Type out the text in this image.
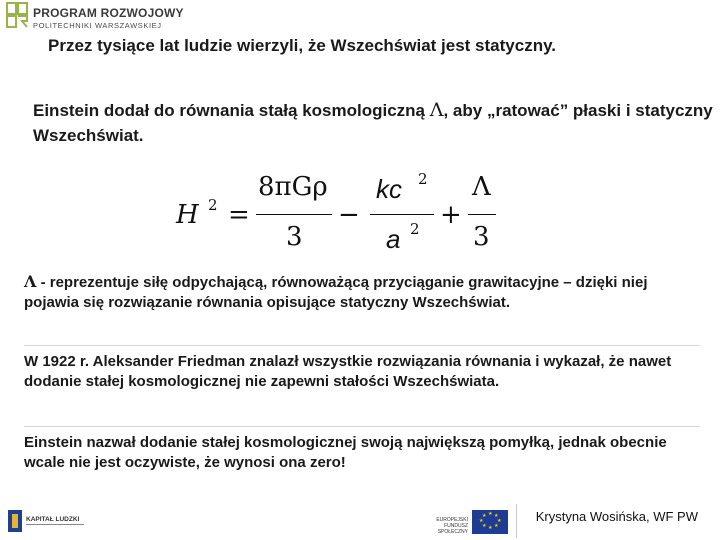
PROGRAM ROZWOJOWY
POLITECHNIKI WARSZAWSKIEJ
Przez tysiące lat ludzie wierzyli, że Wszechświat jest statyczny.
Einstein dodał do równania stałą kosmologiczną Λ, aby „ratować” płaski i statyczny Wszechświat.
H 2 =
8πGρ
3
−
kc 2
a 2 +
Λ
3
Λ - reprezentuje siłę odpychającą, równoważącą przyciąganie grawitacyjne – dzięki niej pojawia się rozwiązanie równania opisujące statyczny Wszechświat.
W 1922 r. Aleksander Friedman znalazł wszystkie rozwiązania równania i wykazał, że nawet dodanie stałej kosmologicznej nie zapewni stałości Wszechświata.
Einstein nazwał dodanie stałej kosmologicznej swoją największą pomyłką, jednak obecnie wcale nie jest oczywiste, że wynosi ona zero!
KAPITAŁ LUDZKI	EUROPEJSKI FUNDUSZ SPOŁECZNY
★ ★
★
★
★
★
★
★	Krystyna Wosińska, WF PW
